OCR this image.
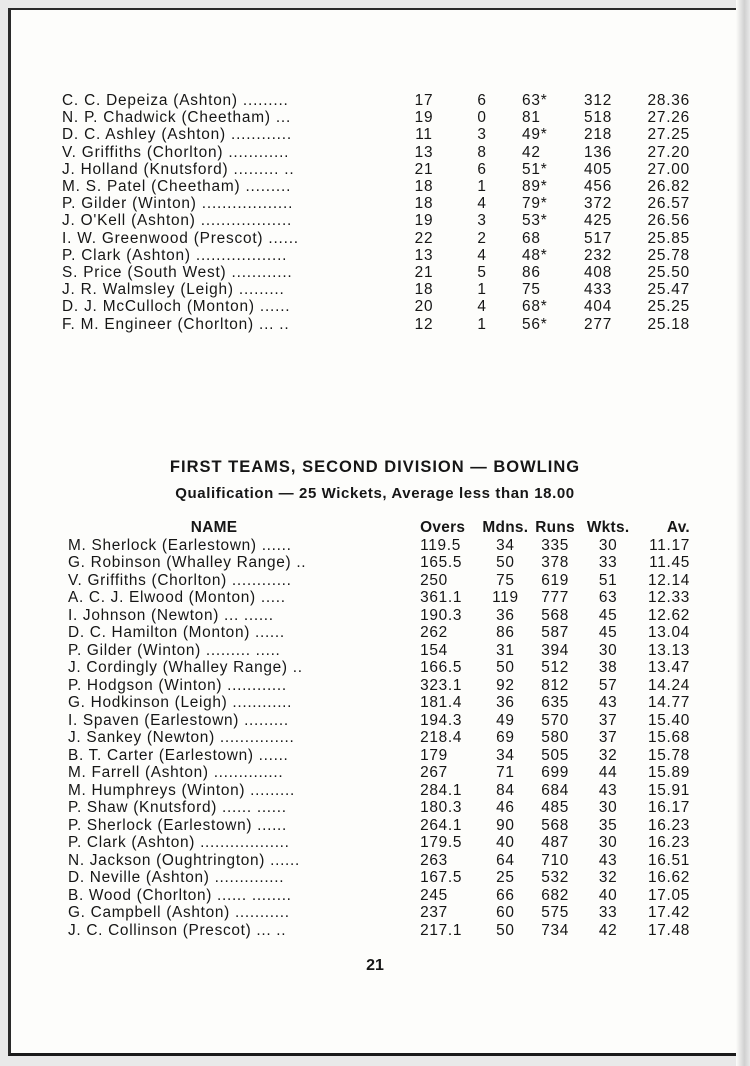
C. C. Depeiza (Ashton) .........	17	6	63*	312	28.36
N. P. Chadwick (Cheetham) ...	19	0	81	518	27.26
D. C. Ashley (Ashton) ............	11	3	49*	218	27.25
V. Griffiths (Chorlton) ............	13	8	42	136	27.20
J. Holland (Knutsford) ......... ..	21	6	51*	405	27.00
M. S. Patel (Cheetham) .........	18	1	89*	456	26.82
P. Gilder (Winton) ..................	18	4	79*	372	26.57
J. O'Kell (Ashton) ..................	19	3	53*	425	26.56
I. W. Greenwood (Prescot) ......	22	2	68	517	25.85
P. Clark (Ashton) ..................	13	4	48*	232	25.78
S. Price (South West) ............	21	5	86	408	25.50
J. R. Walmsley (Leigh) .........	18	1	75	433	25.47
D. J. McCulloch (Monton) ......	20	4	68*	404	25.25
F. M. Engineer (Chorlton) ... ..	12	1	56*	277	25.18
FIRST TEAMS, SECOND DIVISION — BOWLING
Qualification — 25 Wickets, Average less than 18.00
NAME	Overs	Mdns.	Runs	Wkts.	Av.
M. Sherlock (Earlestown) ......	119.5	34	335	30	11.17
G. Robinson (Whalley Range) ..	165.5	50	378	33	11.45
V. Griffiths (Chorlton) ............	250	75	619	51	12.14
A. C. J. Elwood (Monton) .....	361.1	119	777	63	12.33
I. Johnson (Newton) ... ......	190.3	36	568	45	12.62
D. C. Hamilton (Monton) ......	262	86	587	45	13.04
P. Gilder (Winton) ......... .....	154	31	394	30	13.13
J. Cordingly (Whalley Range) ..	166.5	50	512	38	13.47
P. Hodgson (Winton) ............	323.1	92	812	57	14.24
G. Hodkinson (Leigh) ............	181.4	36	635	43	14.77
I. Spaven (Earlestown) .........	194.3	49	570	37	15.40
J. Sankey (Newton) ...............	218.4	69	580	37	15.68
B. T. Carter (Earlestown) ......	179	34	505	32	15.78
M. Farrell (Ashton) ..............	267	71	699	44	15.89
M. Humphreys (Winton) .........	284.1	84	684	43	15.91
P. Shaw (Knutsford) ...... ......	180.3	46	485	30	16.17
P. Sherlock (Earlestown) ......	264.1	90	568	35	16.23
P. Clark (Ashton) ..................	179.5	40	487	30	16.23
N. Jackson (Oughtrington) ......	263	64	710	43	16.51
D. Neville (Ashton) ..............	167.5	25	532	32	16.62
B. Wood (Chorlton) ...... ........	245	66	682	40	17.05
G. Campbell (Ashton) ...........	237	60	575	33	17.42
J. C. Collinson (Prescot) ... ..	217.1	50	734	42	17.48
21
